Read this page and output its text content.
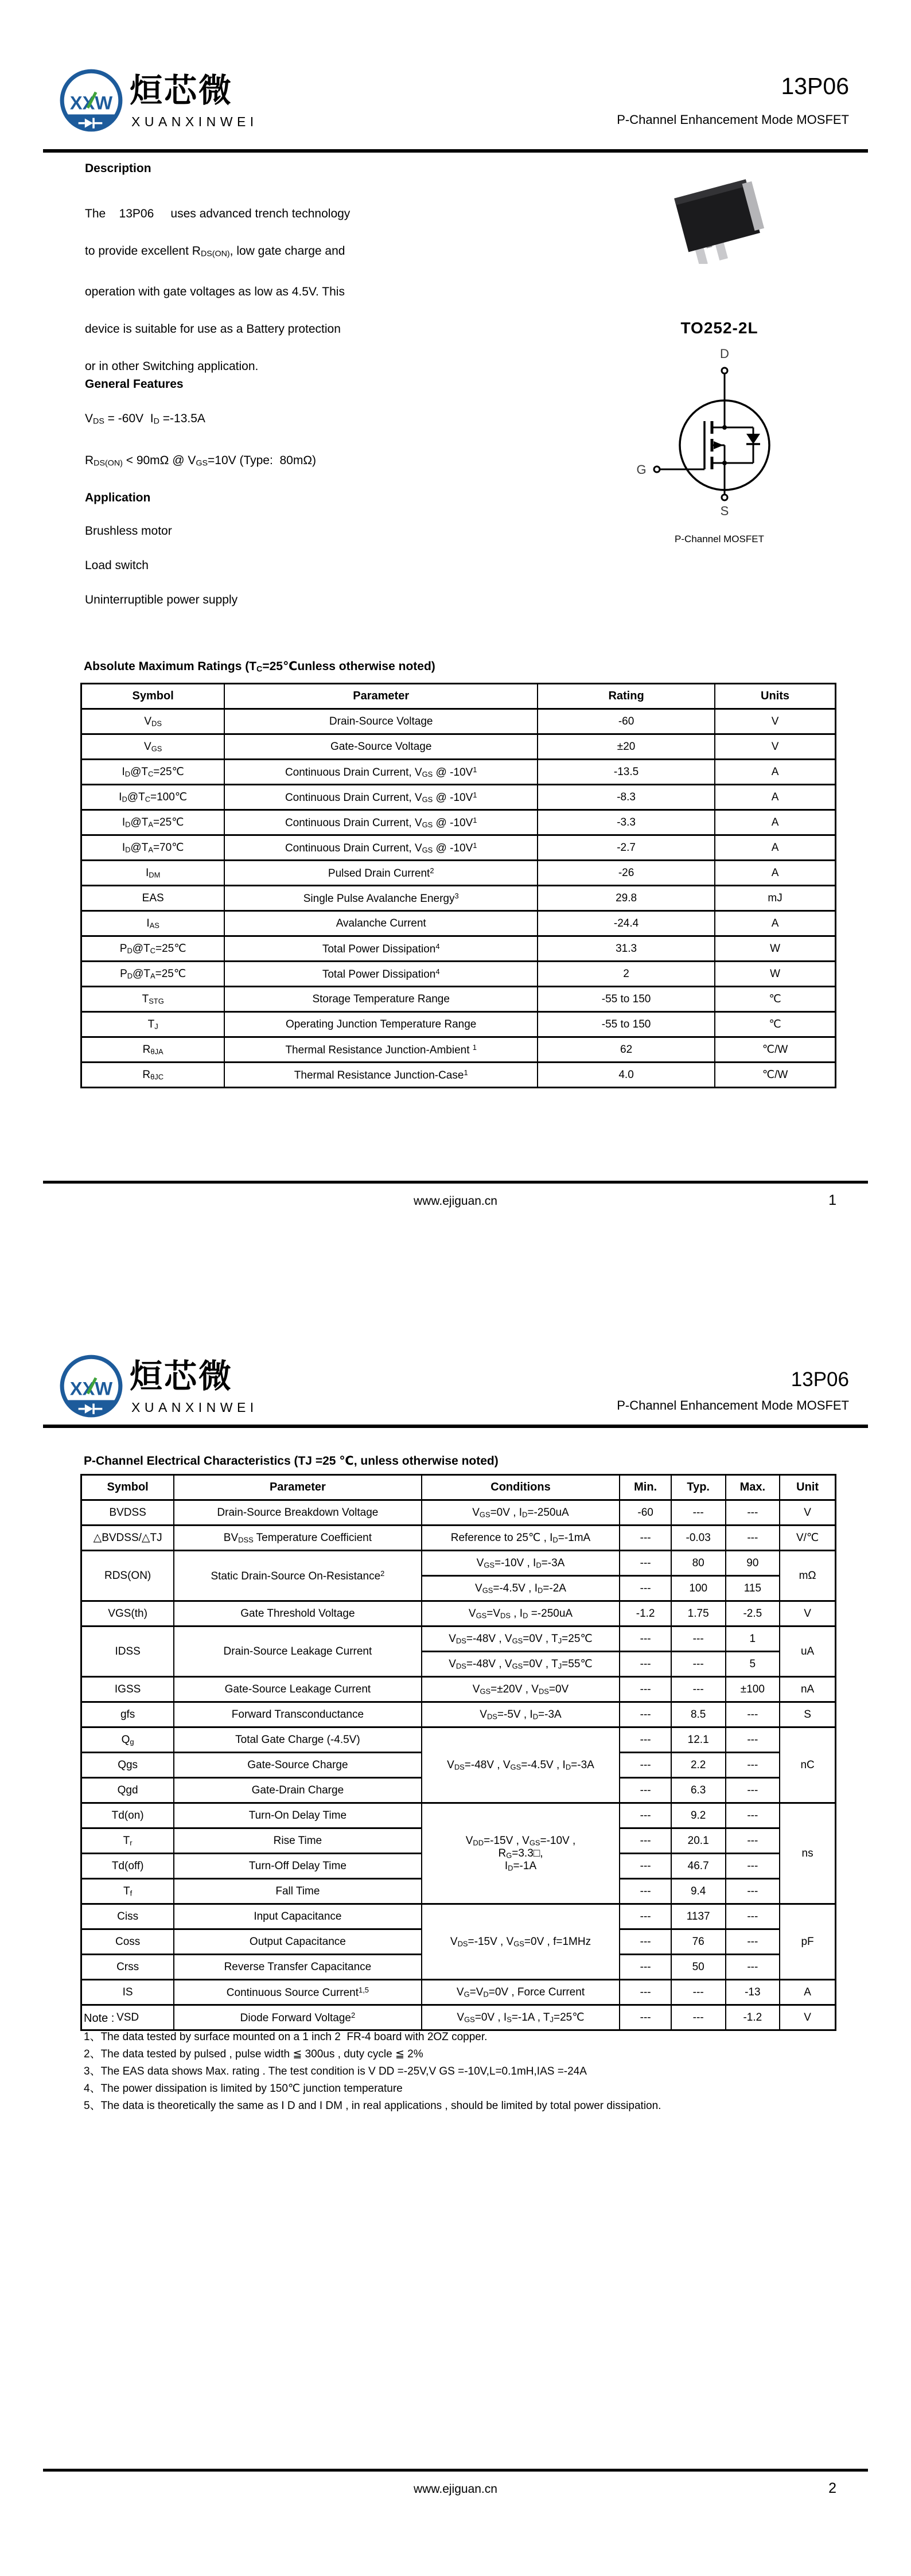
XXW 烜芯微
XUANXINWEI
13P06
P-Channel Enhancement Mode MOSFET
Description
The    13P06     uses advanced trench technology
to provide excellent $R_{DS(ON)}$, low gate charge and
operation with gate voltages as low as 4.5V. This
device is suitable for use as a Battery protection
or in other Switching application.
General Features
$V_{DS} = -60V$  $I_D =-13.5A$
$R_{DS(ON)} < 90m\Omega$ @ $V_{GS}=10V$ (Type:  80mΩ)
Application
Brushless motor
Load switch
Uninterruptible power supply
TO252-2L
D
G
S
P-Channel MOSFET
Absolute Maximum Ratings ($T_C=25℃unless$ otherwise noted)
Symbol	Parameter	Rating	Units
$V_{DS}$	Drain-Source Voltage	-60	V
$V_{GS}$	Gate-Source Voltage	±20	V
$I_D@T_C=25℃$	Continuous Drain Current, $V_{GS}$ @ $-10V^1$	-13.5	A
$I_D@T_C=100℃$	Continuous Drain Current, $V_{GS}$ @ $-10V^1$	-8.3	A
$I_D@T_A=25℃$	Continuous Drain Current, $V_{GS}$ @ $-10V^1$	-3.3	A
$I_D@T_A=70℃$	Continuous Drain Current, $V_{GS}$ @ $-10V^1$	-2.7	A
$I_{DM}$	Pulsed Drain Current$^2$	-26	A
EAS	Single Pulse Avalanche Energy$^3$	29.8	mJ
$I_{AS}$	Avalanche Current	-24.4	A
$P_D@T_C=25℃$	Total Power Dissipation$^4$	31.3	W
$P_D@T_A=25℃$	Total Power Dissipation$^4$	2	W
$T_{STG}$	Storage Temperature Range	-55 to 150	℃
$T_J$	Operating Junction Temperature Range	-55 to 150	℃
$R_{\theta JA}$	Thermal Resistance Junction-Ambient $^1$	62	℃/W
$R_{\theta JC}$	Thermal Resistance Junction-Case$^1$	4.0	℃/W
www.ejiguan.cn	1
XXW 烜芯微
XUANXINWEI
13P06
P-Channel Enhancement Mode MOSFET
P-Channel Electrical Characteristics (TJ =25 ℃, unless otherwise noted)
Symbol	Parameter	Conditions	Min.	Typ.	Max.	Unit
BVDSS	Drain-Source Breakdown Voltage	$V_{GS}=0V$ , $I_D=-250uA$	-60	---	---	V
△BVDSS/△TJ	$BV_{DSS}$ Temperature Coefficient	Reference to 25℃ , $I_D=-1mA$	---	-0.03	---	V/℃
RDS(ON)	Static Drain-Source On-Resistance$^2$	$V_{GS}=-10V$ , $I_D=-3A$	---	80	90	mΩ
		$V_{GS}=-4.5V$ , $I_D=-2A$	---	100	115	
VGS(th)	Gate Threshold Voltage	$V_{GS}=V_{DS}$ , $I_D =-250uA$	-1.2	1.75	-2.5	V
IDSS	Drain-Source Leakage Current	$V_{DS}=-48V$ , $V_{GS}=0V$ , $T_J=25℃$	---	---	1	uA
		$V_{DS}=-48V$ , $V_{GS}=0V$ , $T_J=55℃$	---	---	5	
IGSS	Gate-Source Leakage Current	$V_{GS}=\pm 20V$ , $V_{DS}=0V$	---	---	±100	nA
gfs	Forward Transconductance	$V_{DS}=-5V$ , $I_D=-3A$	---	8.5	---	S
$Q_g$	Total Gate Charge (-4.5V)	$V_{DS}=-48V$ , $V_{GS}=-4.5V$ , $I_D=-3A$	---	12.1	---	nC
Qgs	Gate-Source Charge		---	2.2	---	
Qgd	Gate-Drain Charge		---	6.3	---	
Td(on)	Turn-On Delay Time	$V_{DD}=-15V$ , $V_{GS}=-10V$ ,
$R_G=3.3□$,
$I_D=-1A$	---	9.2	---	ns
$T_r$	Rise Time		---	20.1	---	
Td(off)	Turn-Off Delay Time		---	46.7	---	
$T_f$	Fall Time		---	9.4	---	
Ciss	Input Capacitance	$V_{DS}=-15V$ , $V_{GS}=0V$ , f=1MHz	---	1137	---	pF
Coss	Output Capacitance		---	76	---	
Crss	Reverse Transfer Capacitance		---	50	---	
IS	Continuous Source Current$^{1,5}$	$V_G=V_D=0V$ , Force Current	---	---	-13	A
VSD	Diode Forward Voltage$^2$	$V_{GS}=0V$ , $I_S=-1A$ , $T_J=25℃$	---	---	-1.2	V
Note :
1、The data tested by surface mounted on a 1 inch 2  FR-4 board with 2OZ copper.
2、The data tested by pulsed , pulse width ≦ 300us , duty cycle ≦ 2%
3、The EAS data shows Max. rating . The test condition is V DD =-25V,V GS =-10V,L=0.1mH,IAS =-24A
4、The power dissipation is limited by 150℃ junction temperature
5、The data is theoretically the same as I D and I DM , in real applications , should be limited by total power dissipation.
www.ejiguan.cn	2
